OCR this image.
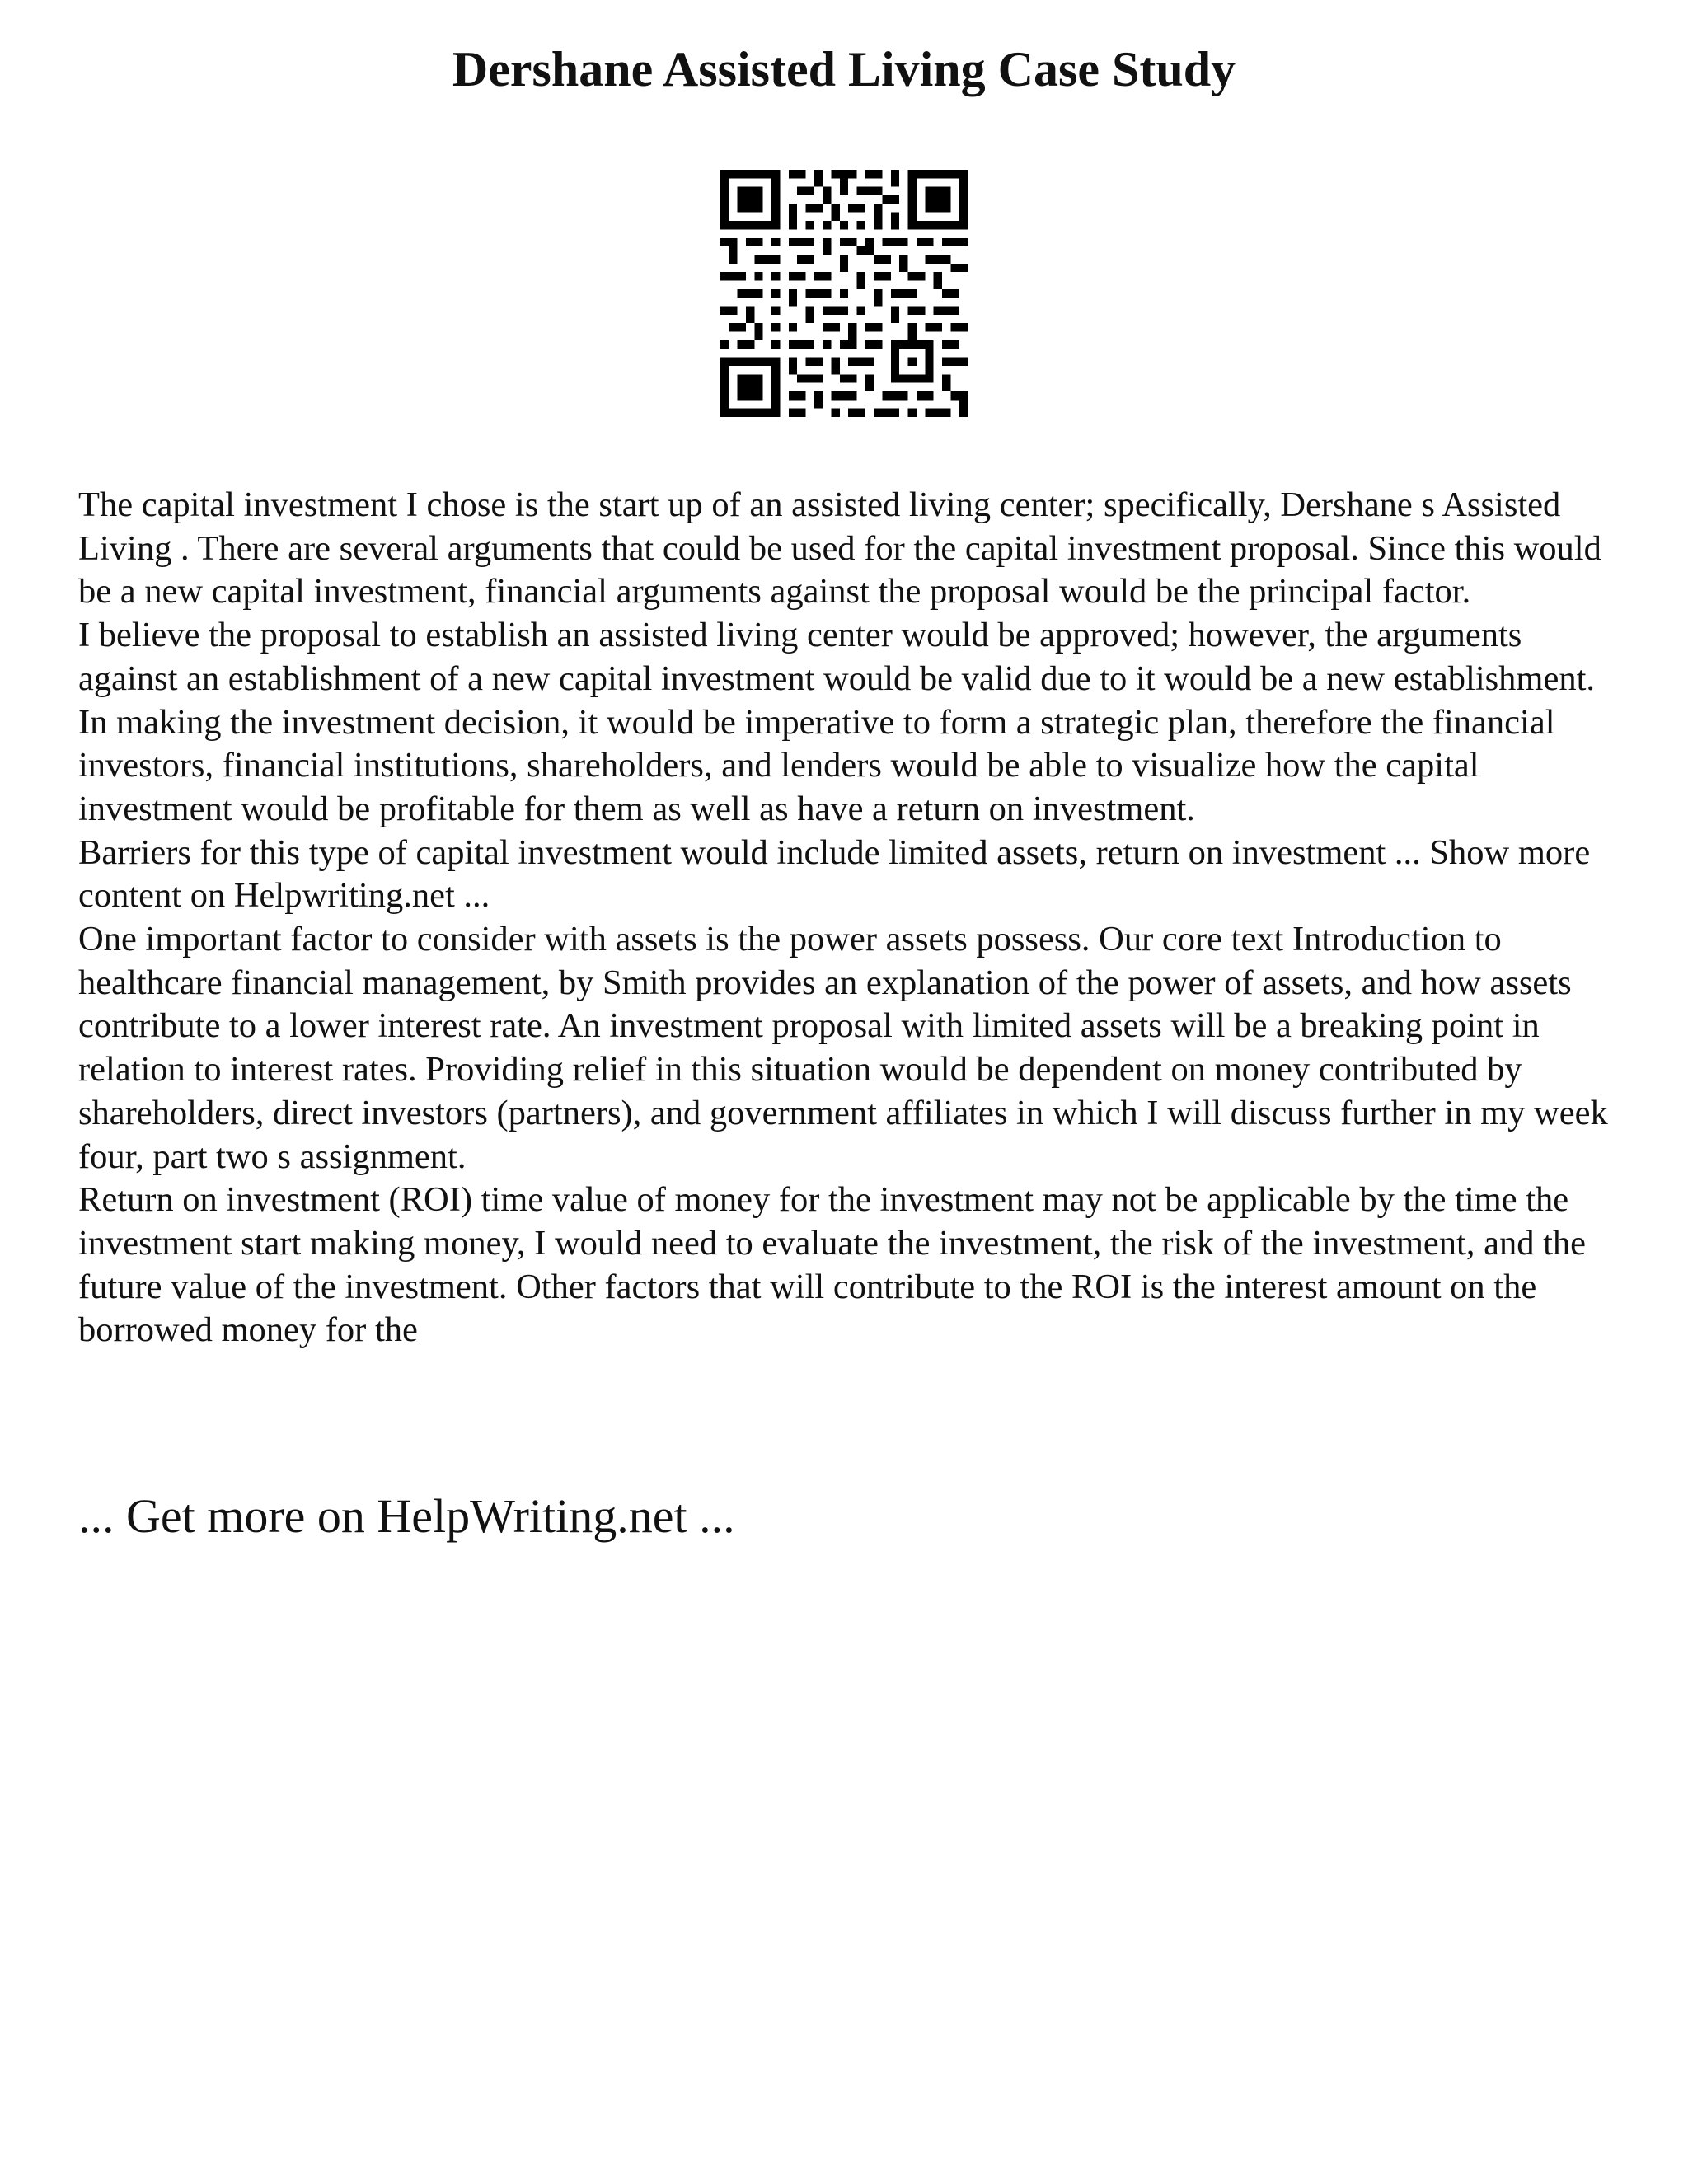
Dershane Assisted Living Case Study

The capital investment I chose is the start up of an assisted living center; specifically, Dershane s Assisted Living . There are several arguments that could be used for the capital investment proposal. Since this would be a new capital investment, financial arguments against the proposal would be the principal factor.

I believe the proposal to establish an assisted living center would be approved; however, the arguments against an establishment of a new capital investment would be valid due to it would be a new establishment.

In making the investment decision, it would be imperative to form a strategic plan, therefore the financial investors, financial institutions, shareholders, and lenders would be able to visualize how the capital investment would be profitable for them as well as have a return on investment.

Barriers for this type of capital investment would include limited assets, return on investment ... Show more content on Helpwriting.net ...

One important factor to consider with assets is the power assets possess. Our core text Introduction to healthcare financial management, by Smith provides an explanation of the power of assets, and how assets contribute to a lower interest rate. An investment proposal with limited assets will be a breaking point in relation to interest rates. Providing relief in this situation would be dependent on money contributed by shareholders, direct investors (partners), and government affiliates in which I will discuss further in my week four, part two s assignment.

Return on investment (ROI) time value of money for the investment may not be applicable by the time the investment start making money, I would need to evaluate the investment, the risk of the investment, and the future value of the investment. Other factors that will contribute to the ROI is the interest amount on the borrowed money for the

... Get more on HelpWriting.net ...
